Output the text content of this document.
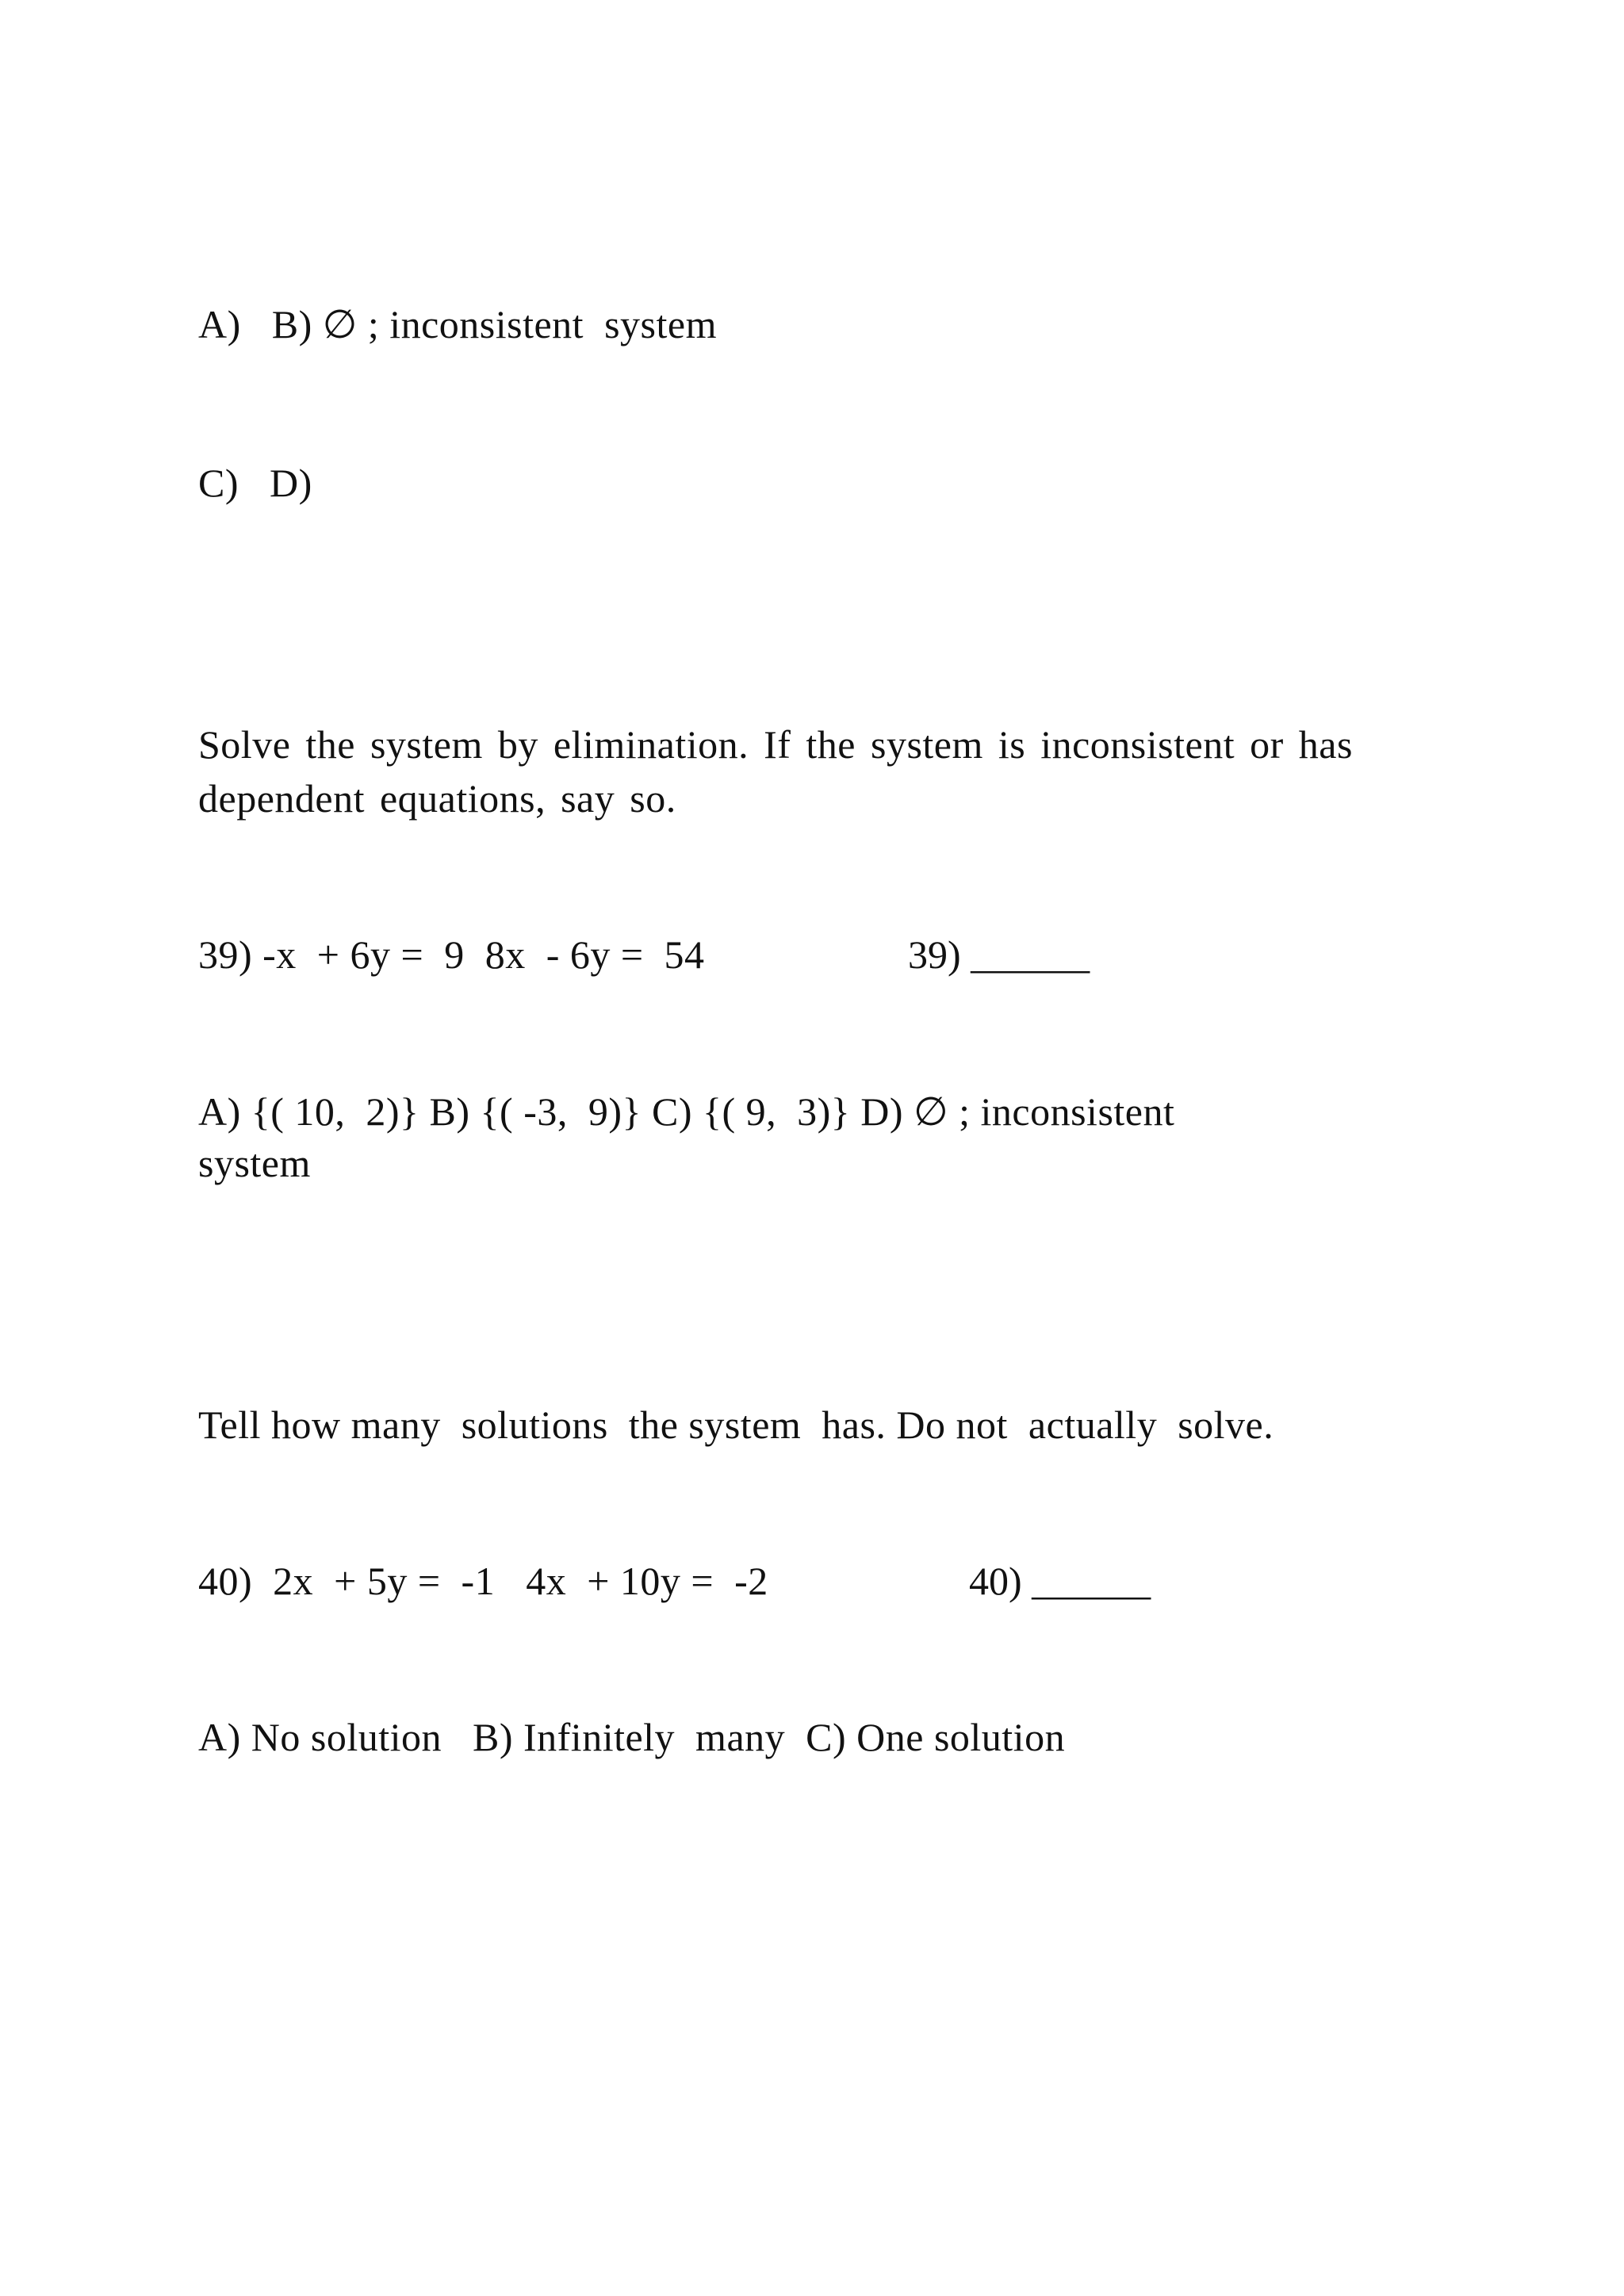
A)   B) ∅ ; inconsistent  system
C)   D)
Solve the system by elimination. If the system is inconsistent or has dependent equations, say so.
39) -x  + 6y =  9  8x  - 6y =  54	39) ______
A) {( 10,  2)} B) {( -3,  9)} C) {( 9,  3)} D) ∅ ; inconsistent
system
Tell how many  solutions  the system  has. Do not  actually  solve.
40)  2x  + 5y =  -1   4x  + 10y =  -2	40) ______
A) No solution   B) Infinitely  many  C) One solution
